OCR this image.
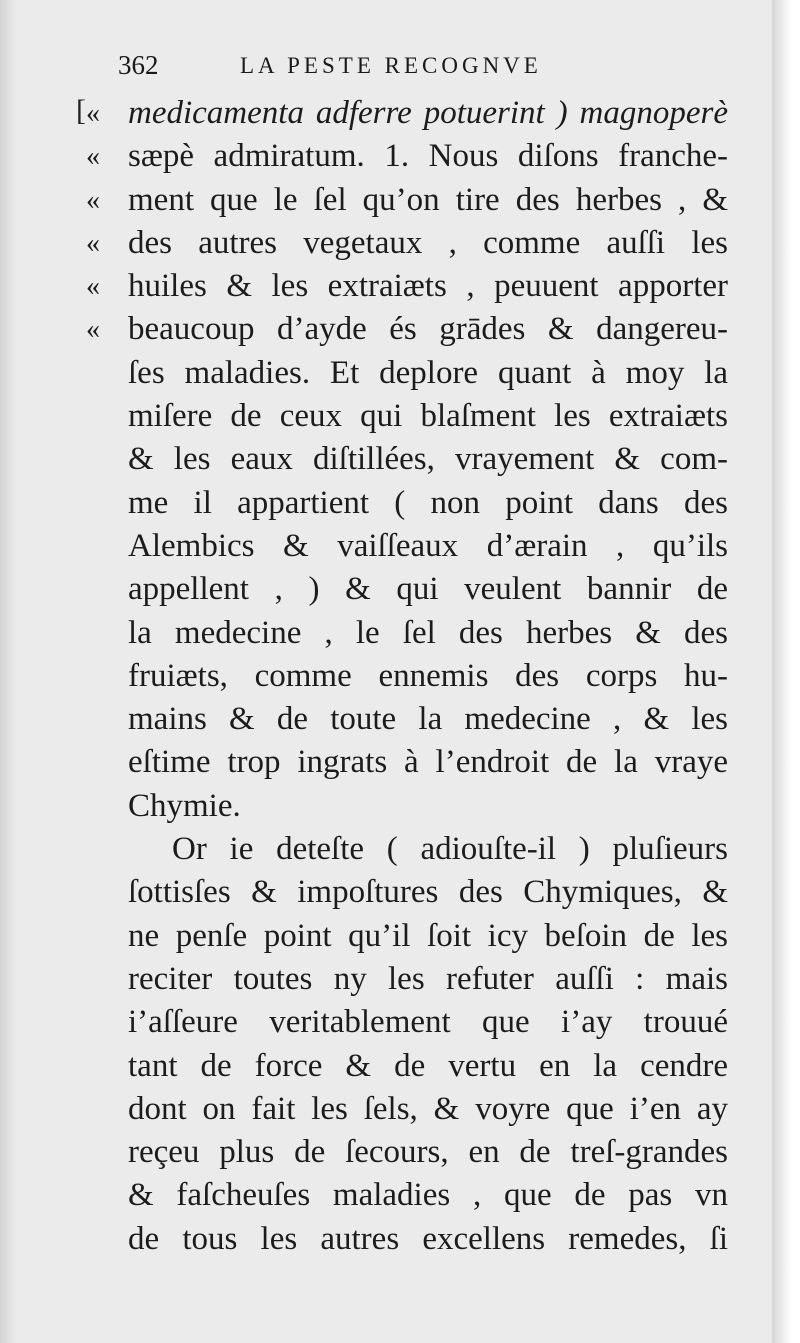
362	LA PESTE RECOGNVE
[ « medicamenta adferre potuerint ) magnoperè
« sæpè admiratum. 1. Nous diſons franche-
« ment que le ſel qu’on tire des herbes , &
« des autres vegetaux , comme auſſi les
« huiles & les extraiæts , peuuent apporter
« beaucoup d’ayde és grādes & dangereu-
ſes maladies. Et deplore quant à moy la
miſere de ceux qui blaſment les extraiæts
& les eaux diſtillées, vrayement & com-
me il appartient ( non point dans des
Alembics & vaiſſeaux d’ærain , qu’ils
appellent , ) & qui veulent bannir de
la medecine , le ſel des herbes & des
fruiæts, comme ennemis des corps hu-
mains & de toute la medecine , & les
eſtime trop ingrats à l’endroit de la vraye
Chymie.
Or ie deteſte ( adiouſte-il ) pluſieurs
ſottisſes & impoſtures des Chymiques, &
ne penſe point qu’il ſoit icy beſoin de les
reciter toutes ny les refuter auſſi : mais
i’aſſeure veritablement que i’ay trouué
tant de force & de vertu en la cendre
dont on fait les ſels, & voyre que i’en ay
reçeu plus de ſecours, en de treſ-grandes
& faſcheuſes maladies , que de pas vn
de tous les autres excellens remedes, ſi
